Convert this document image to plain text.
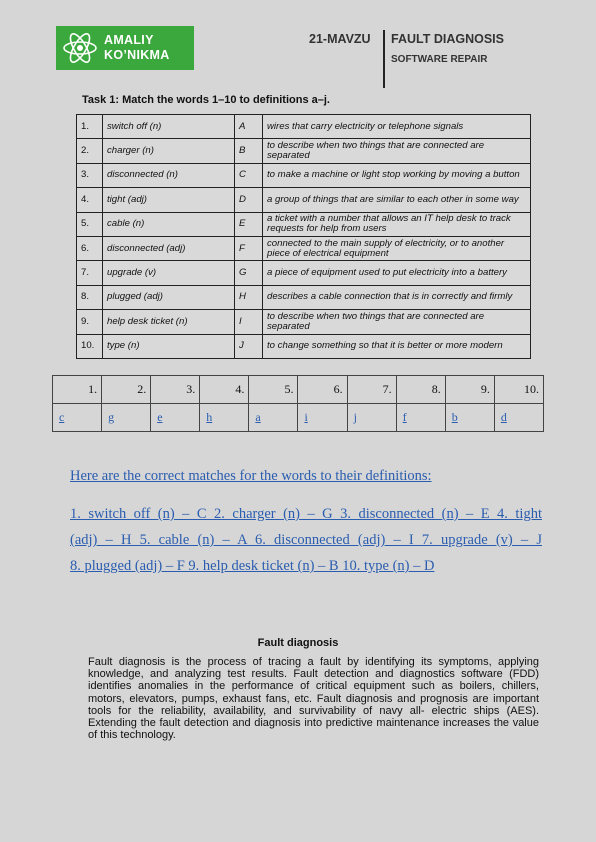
AMALIY
KO’NIKMA
21-MAVZU FAULT DIAGNOSIS
SOFTWARE REPAIR
Task 1: Match the words 1–10 to definitions a–j.
1.	switch off (n)	A	wires that carry electricity or telephone signals
2.	charger (n)	B	to describe when two things that are connected are separated
3.	disconnected (n)	C	to make a machine or light stop working by moving a button
4.	tight (adj)	D	a group of things that are similar to each other in some way
5.	cable (n)	E	a ticket with a number that allows an IT help desk to track requests for help from users
6.	disconnected (adj)	F	connected to the main supply of electricity, or to another piece of electrical equipment
7.	upgrade (v)	G	a piece of equipment used to put electricity into a battery
8.	plugged (adj)	H	describes a cable connection that is in correctly and firmly
9.	help desk ticket (n)	I	to describe when two things that are connected are separated
10.	type (n)	J	to change something so that it is better or more modern
1.	2.	3.	4.	5.	6.	7.	8.	9.	10.
c	g	e	h	a	i	j	f	b	d
Here are the correct matches for the words to their definitions:
1. switch off (n) – C 2. charger (n) – G 3. disconnected (n) – E 4. tight
(adj) – H 5. cable (n) – A 6. disconnected (adj) – I 7. upgrade (v) – J
8. plugged (adj) – F 9. help desk ticket (n) – B 10. type (n) – D
Fault diagnosis
Fault diagnosis is the process of tracing a fault by identifying its symptoms, applying knowledge, and analyzing test results. Fault detection and diagnostics software (FDD) identifies anomalies in the performance of critical equipment such as boilers, chillers, motors, elevators, pumps, exhaust fans, etc. Fault diagnosis and prognosis are important tools for the reliability, availability, and survivability of navy all- electric ships (AES). Extending the fault detection and diagnosis into predictive maintenance increases the value of this technology.
